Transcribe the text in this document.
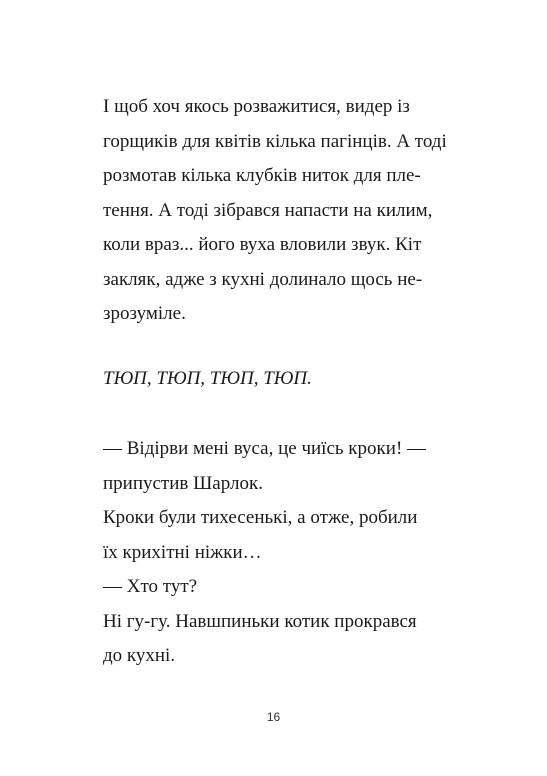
І щоб хоч якось розважитися, видер із
горщиків для квітів кілька пагінців. А тоді
розмотав кілька клубків ниток для пле-
тення. А тоді зібрався напасти на килим,
коли враз... його вуха вловили звук. Кіт
закляк, адже з кухні долинало щось не-
зрозуміле.
ТЮП, ТЮП, ТЮП, ТЮП.
— Відірви мені вуса, це чиїсь кроки! —
припустив Шарлок.
Кроки були тихесенькі, а отже, робили
їх крихітні ніжки…
— Хто тут?
Ні гу-гу. Навшпиньки котик прокрався
до кухні.
16
